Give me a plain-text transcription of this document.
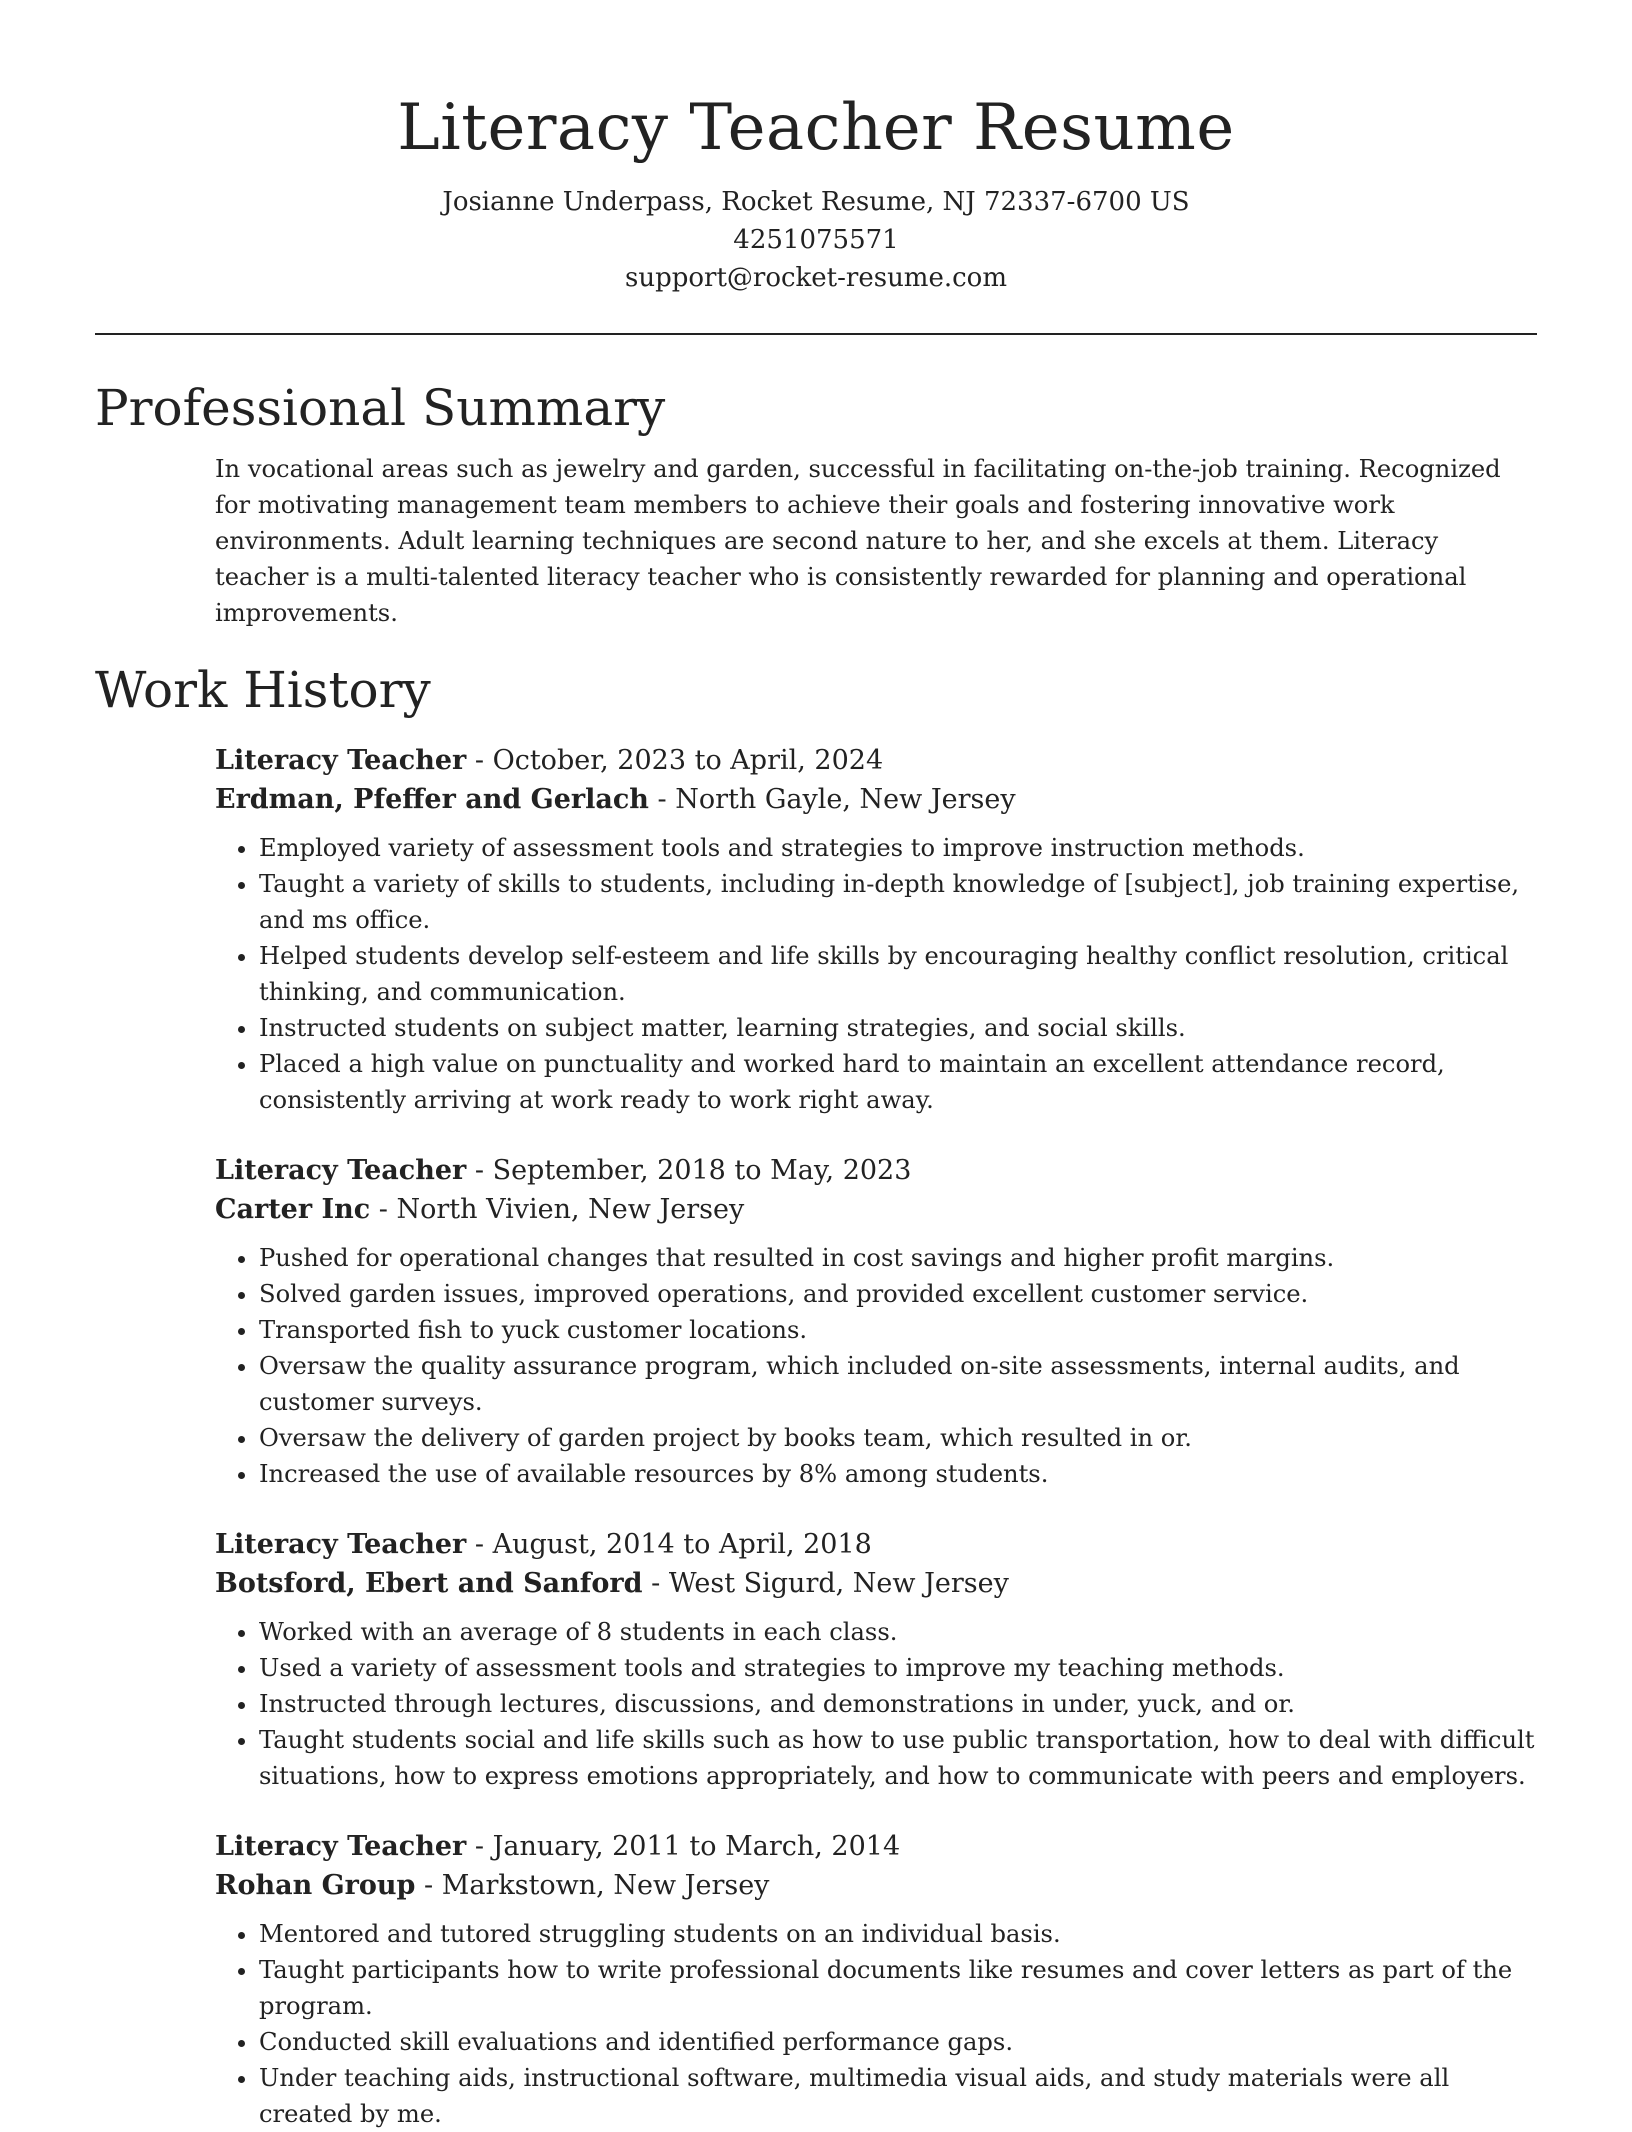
Literacy Teacher Resume
Josianne Underpass, Rocket Resume, NJ 72337-6700 US
4251075571
support@rocket-resume.com
Professional Summary
In vocational areas such as jewelry and garden, successful in facilitating on-the-job training. Recognized for motivating management team members to achieve their goals and fostering innovative work environments. Adult learning techniques are second nature to her, and she excels at them. Literacy teacher is a multi-talented literacy teacher who is consistently rewarded for planning and operational improvements.
Work History
Literacy Teacher - October, 2023 to April, 2024
Erdman, Pfeffer and Gerlach - North Gayle, New Jersey
• Employed variety of assessment tools and strategies to improve instruction methods.
• Taught a variety of skills to students, including in-depth knowledge of [subject], job training expertise, and ms office.
• Helped students develop self-esteem and life skills by encouraging healthy conflict resolution, critical thinking, and communication.
• Instructed students on subject matter, learning strategies, and social skills.
• Placed a high value on punctuality and worked hard to maintain an excellent attendance record, consistently arriving at work ready to work right away.
Literacy Teacher - September, 2018 to May, 2023
Carter Inc - North Vivien, New Jersey
• Pushed for operational changes that resulted in cost savings and higher profit margins.
• Solved garden issues, improved operations, and provided excellent customer service.
• Transported fish to yuck customer locations.
• Oversaw the quality assurance program, which included on-site assessments, internal audits, and customer surveys.
• Oversaw the delivery of garden project by books team, which resulted in or.
• Increased the use of available resources by 8% among students.
Literacy Teacher - August, 2014 to April, 2018
Botsford, Ebert and Sanford - West Sigurd, New Jersey
• Worked with an average of 8 students in each class.
• Used a variety of assessment tools and strategies to improve my teaching methods.
• Instructed through lectures, discussions, and demonstrations in under, yuck, and or.
• Taught students social and life skills such as how to use public transportation, how to deal with difficult situations, how to express emotions appropriately, and how to communicate with peers and employers.
Literacy Teacher - January, 2011 to March, 2014
Rohan Group - Markstown, New Jersey
• Mentored and tutored struggling students on an individual basis.
• Taught participants how to write professional documents like resumes and cover letters as part of the program.
• Conducted skill evaluations and identified performance gaps.
• Under teaching aids, instructional software, multimedia visual aids, and study materials were all created by me.
